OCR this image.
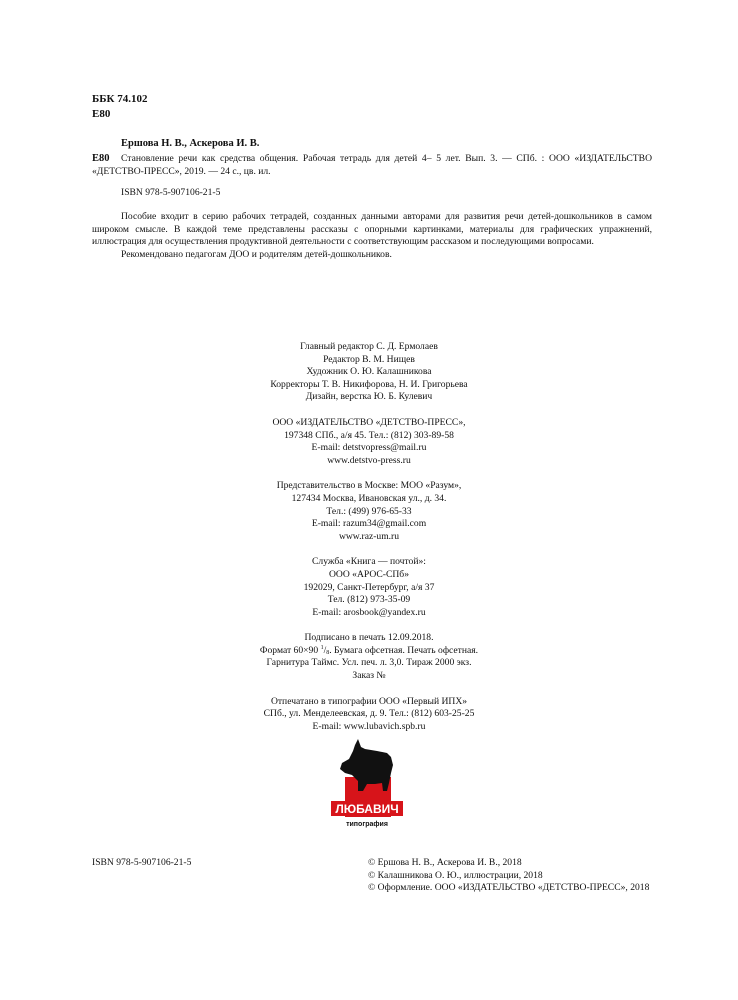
ББК 74.102
Е80
Ершова Н. В., Аскерова И. В.
Е80	Становление речи как средства общения. Рабочая тетрадь для детей 4– 5 лет. Вып. 3. — СПб. : ООО «ИЗДАТЕЛЬСТВО «ДЕТСТВО-ПРЕСС», 2019. — 24 с., цв. ил.
ISBN 978-5-907106-21-5

Пособие входит в серию рабочих тетрадей, созданных данными авторами для развития речи детей-дошкольников в самом широком смысле. В каждой теме представлены рассказы с опорными картинками, материалы для графических упражнений, иллюстрация для осуществления продуктивной деятельности с соответствующим рассказом и последующими вопросами.

Рекомендовано педагогам ДОО и родителям детей-дошкольников.

Главный редактор С. Д. Ермолаев
Редактор В. М. Нищев
Художник О. Ю. Калашникова
Корректоры Т. В. Никифорова, Н. И. Григорьева
Дизайн, верстка Ю. Б. Кулевич
ООО «ИЗДАТЕЛЬСТВО «ДЕТСТВО-ПРЕСС»,
197348 СПб., а/я 45. Тел.: (812) 303-89-58
E-mail: detstvopress@mail.ru
www.detstvo-press.ru
Представительство в Москве: МОО «Разум»,
127434 Москва, Ивановская ул., д. 34.
Тел.: (499) 976-65-33
E-mail: razum34@gmail.com
www.raz-um.ru
Служба «Книга — почтой»:
ООО «АРОС-СПб»
192029, Санкт-Петербург, а/я 37
Тел. (812) 973-35-09
E-mail: arosbook@yandex.ru
Подписано в печать 12.09.2018.
Формат 60×90 $^1/_8$. Бумага офсетная. Печать офсетная.
Гарнитура Таймс. Усл. печ. л. 3,0. Тираж 2000 экз.
Заказ №
Отпечатано в типографии ООО «Первый ИПХ»
СПб., ул. Менделеевская, д. 9. Тел.: (812) 603-25-25
E-mail: www.lubavich.spb.ru
ЛЮБАВИЧ
типография
ISBN 978-5-907106-21-5	© Ершова Н. В., Аскерова И. В., 2018
© Калашникова О. Ю., иллюстрации, 2018
© Оформление. ООО «ИЗДАТЕЛЬСТВО «ДЕТСТВО-ПРЕСС», 2018
